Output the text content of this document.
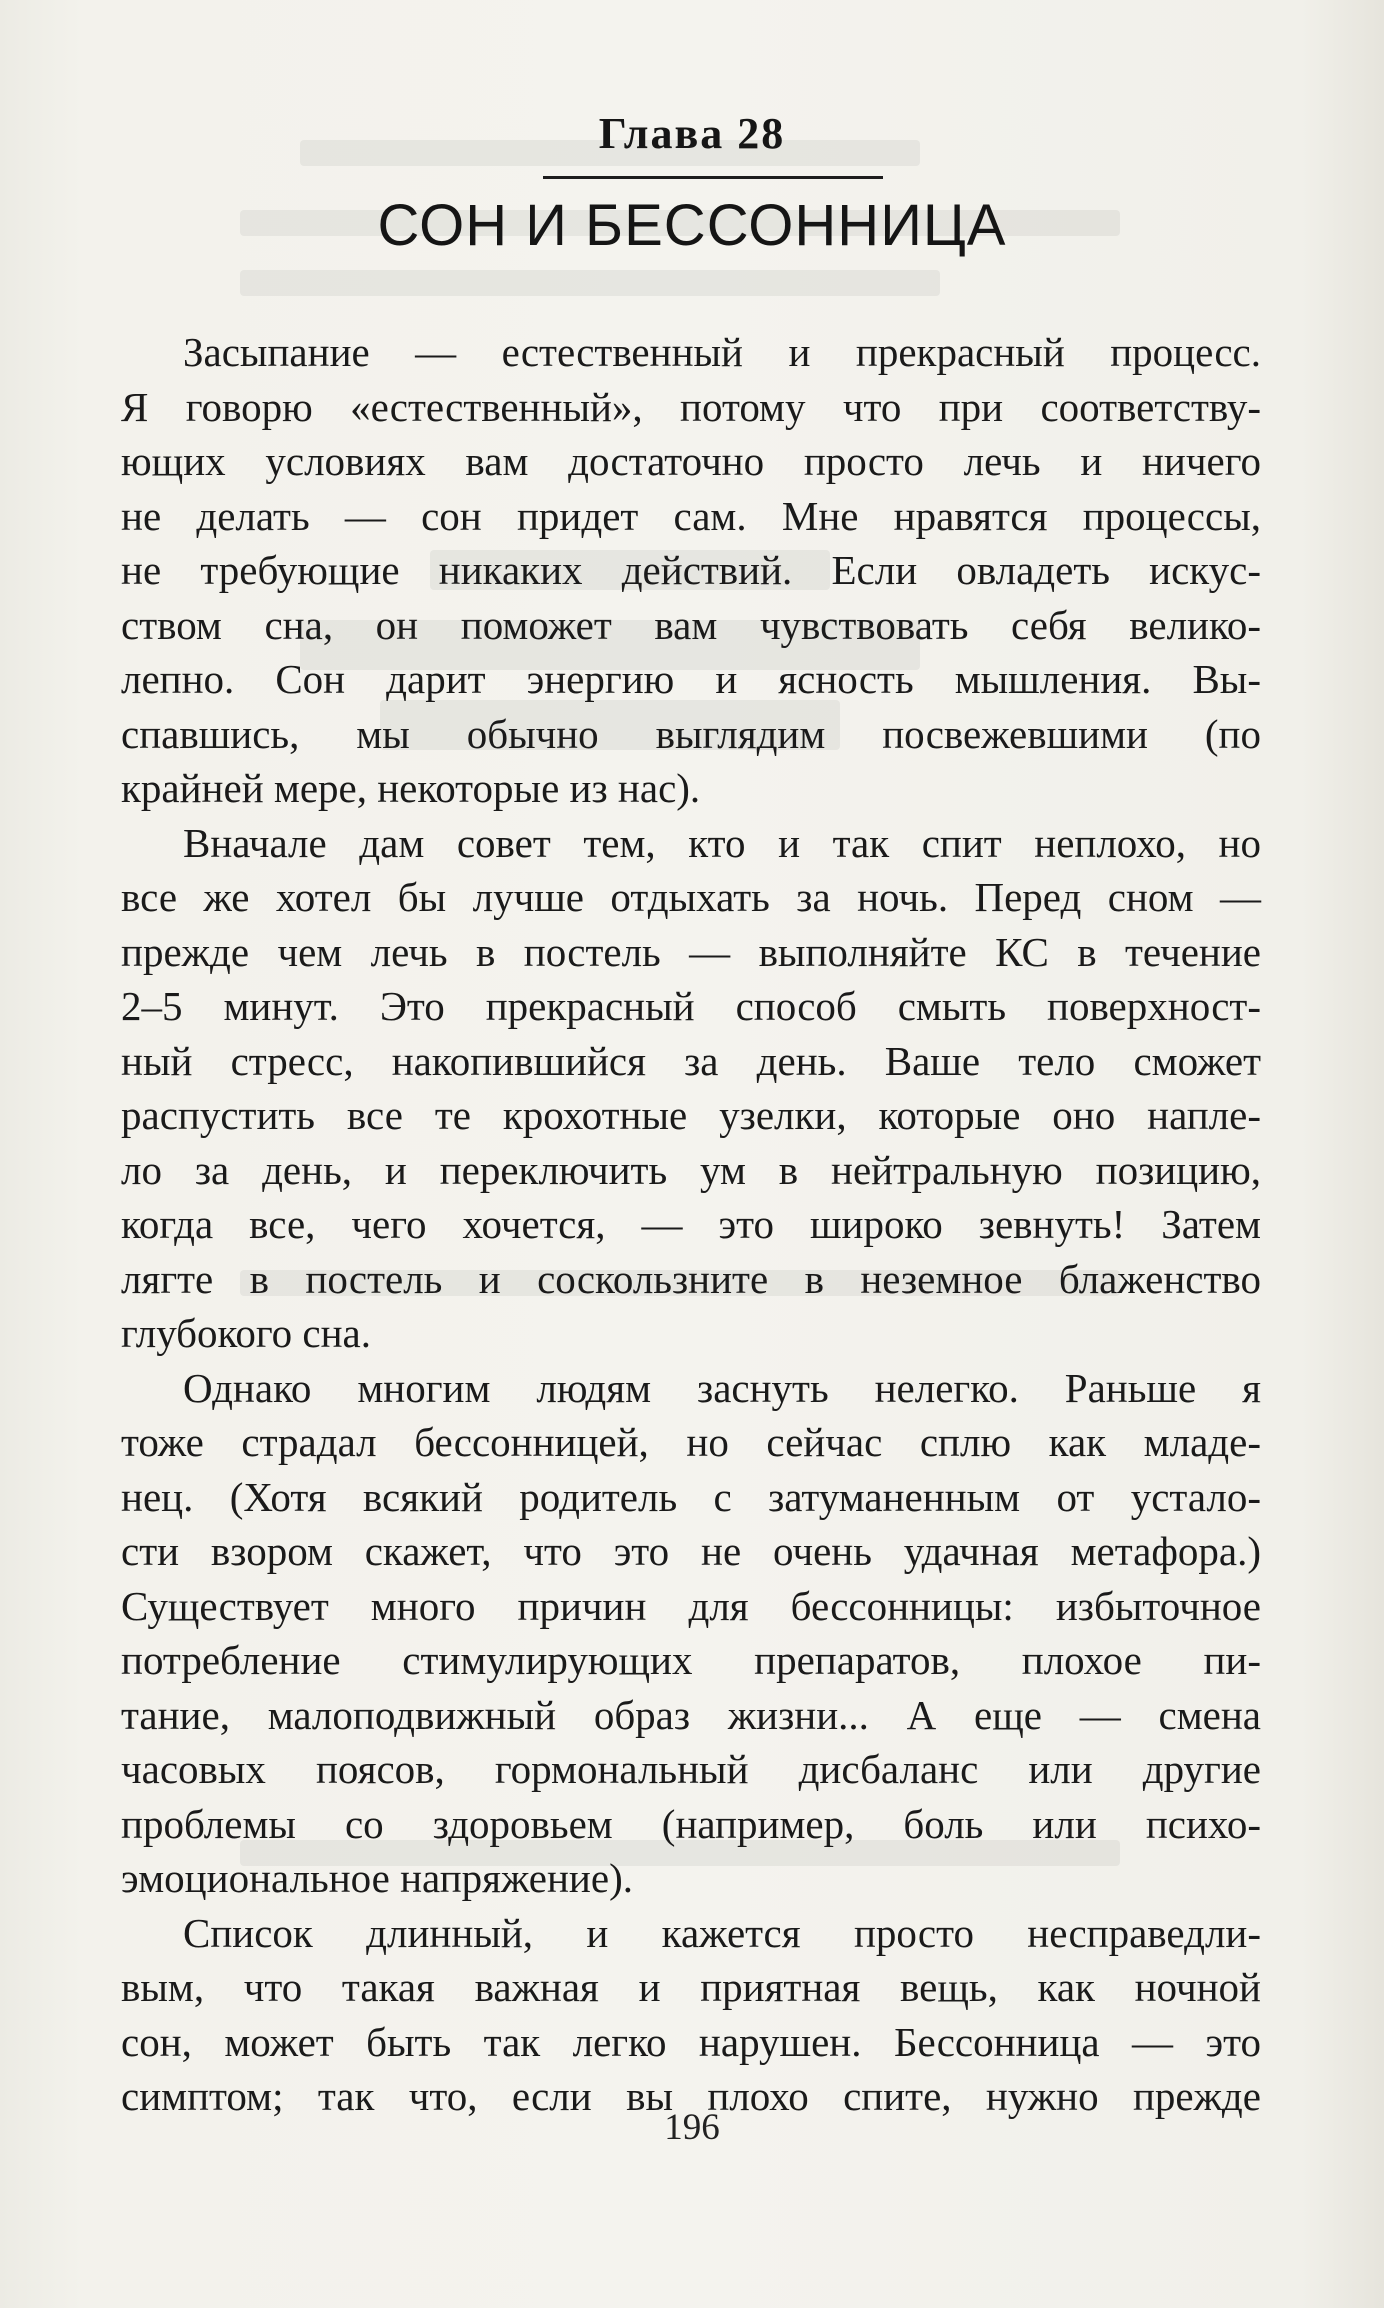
Глава 28
СОН И БЕССОННИЦА
Засыпание — естественный и прекрасный процесс.
Я говорю «естественный», потому что при соответству-
ющих условиях вам достаточно просто лечь и ничего
не делать — сон придет сам. Мне нравятся процессы,
не требующие никаких действий. Если овладеть искус-
ством сна, он поможет вам чувствовать себя велико-
лепно. Сон дарит энергию и ясность мышления. Вы-
спавшись, мы обычно выглядим посвежевшими (по
крайней мере, некоторые из нас).
Вначале дам совет тем, кто и так спит неплохо, но
все же хотел бы лучше отдыхать за ночь. Перед сном —
прежде чем лечь в постель — выполняйте КС в течение
2–5 минут. Это прекрасный способ смыть поверхност-
ный стресс, накопившийся за день. Ваше тело сможет
распустить все те крохотные узелки, которые оно напле-
ло за день, и переключить ум в нейтральную позицию,
когда все, чего хочется, — это широко зевнуть! Затем
лягте в постель и соскользните в неземное блаженство
глубокого сна.
Однако многим людям заснуть нелегко. Раньше я
тоже страдал бессонницей, но сейчас сплю как младе-
нец. (Хотя всякий родитель с затуманенным от устало-
сти взором скажет, что это не очень удачная метафора.)
Существует много причин для бессонницы: избыточное
потребление стимулирующих препаратов, плохое пи-
тание, малоподвижный образ жизни... А еще — смена
часовых поясов, гормональный дисбаланс или другие
проблемы со здоровьем (например, боль или психо-
эмоциональное напряжение).
Список длинный, и кажется просто несправедли-
вым, что такая важная и приятная вещь, как ночной
сон, может быть так легко нарушен. Бессонница — это
симптом; так что, если вы плохо спите, нужно прежде
196
